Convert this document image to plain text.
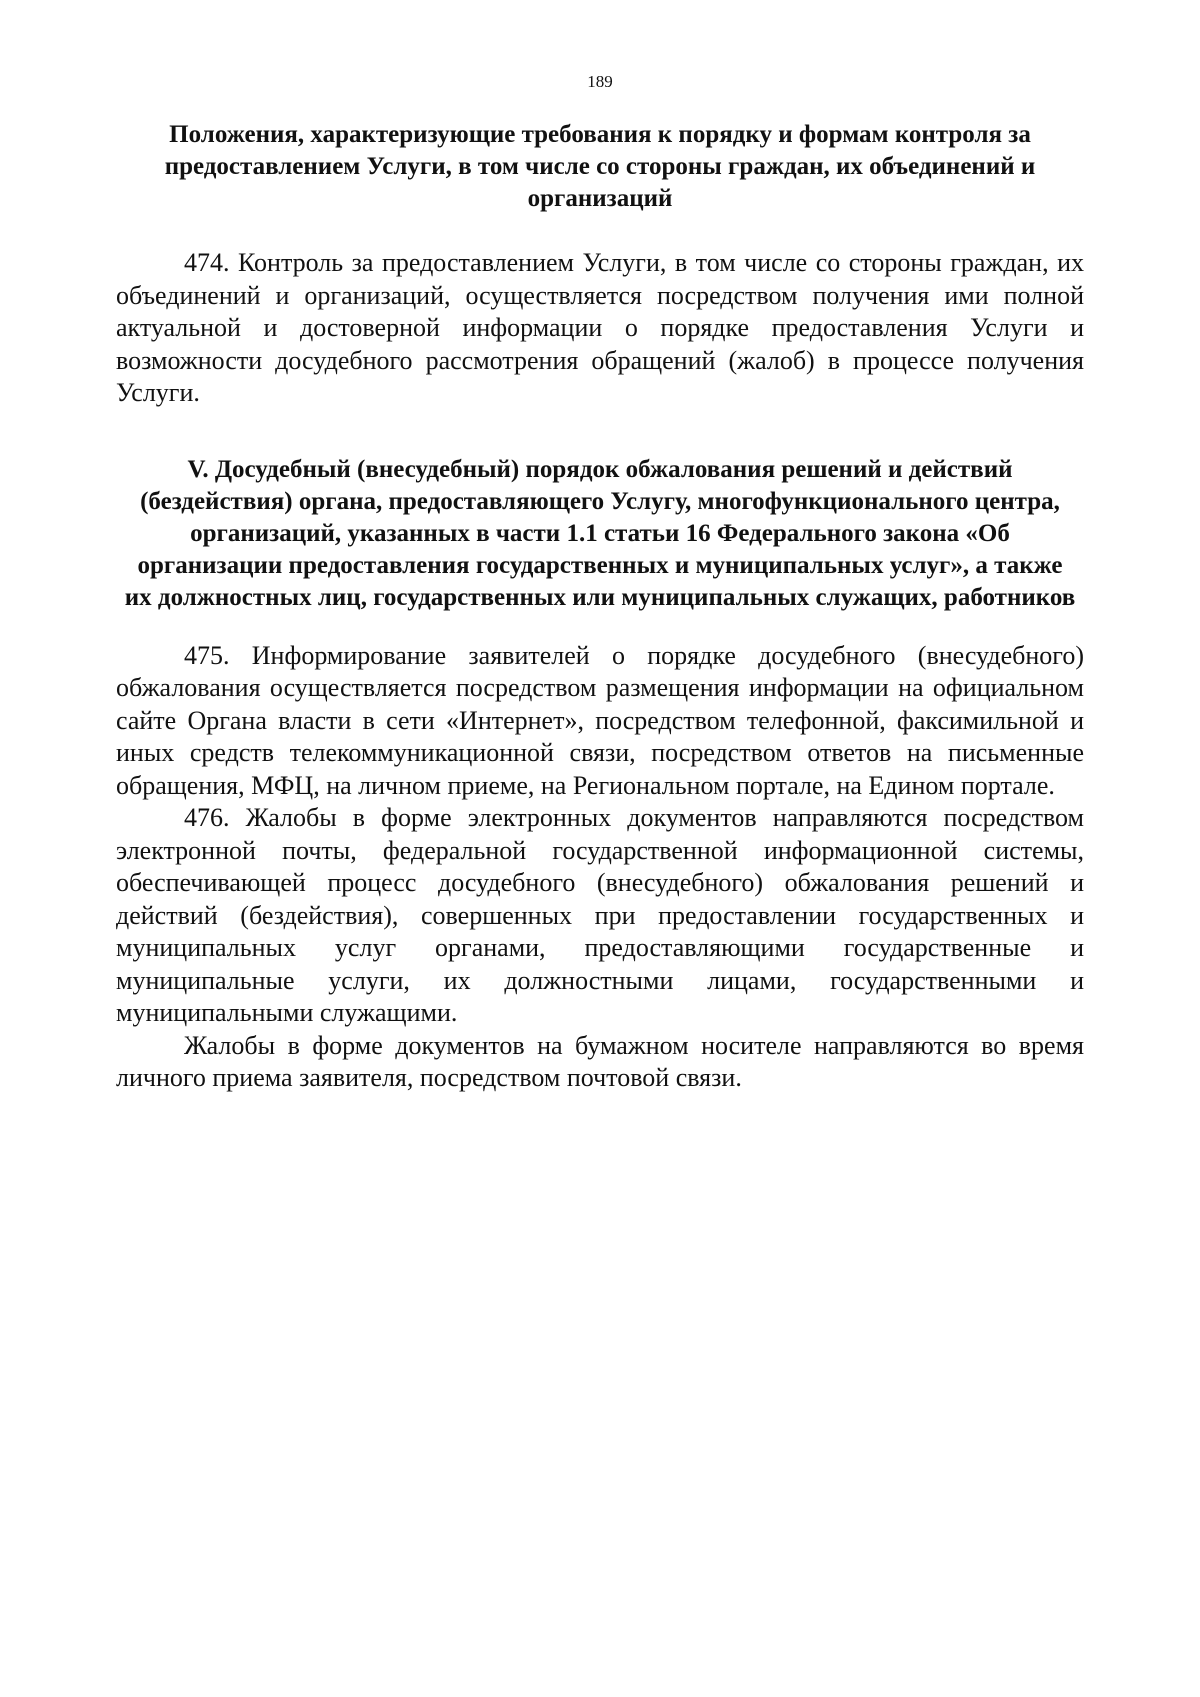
189

Положения, характеризующие требования к порядку и формам контроля за предоставлением Услуги, в том числе со стороны граждан, их объединений и организаций

474. Контроль за предоставлением Услуги, в том числе со стороны граждан, их объединений и организаций, осуществляется посредством получения ими полной актуальной и достоверной информации о порядке предоставления Услуги и возможности досудебного рассмотрения обращений (жалоб) в процессе получения Услуги.

V. Досудебный (внесудебный) порядок обжалования решений и действий (бездействия) органа, предоставляющего Услугу, многофункционального центра, организаций, указанных в части 1.1 статьи 16 Федерального закона «Об организации предоставления государственных и муниципальных услуг», а также их должностных лиц, государственных или муниципальных служащих, работников

475. Информирование заявителей о порядке досудебного (внесудебного) обжалования осуществляется посредством размещения информации на официальном сайте Органа власти в сети «Интернет», посредством телефонной, факсимильной и иных средств телекоммуникационной связи, посредством ответов на письменные обращения, МФЦ, на личном приеме, на Региональном портале, на Едином портале.

476. Жалобы в форме электронных документов направляются посредством электронной почты, федеральной государственной информационной системы, обеспечивающей процесс досудебного (внесудебного) обжалования решений и действий (бездействия), совершенных при предоставлении государственных и муниципальных услуг органами, предоставляющими государственные и муниципальные услуги, их должностными лицами, государственными и муниципальными служащими.

Жалобы в форме документов на бумажном носителе направляются во время личного приема заявителя, посредством почтовой связи.
